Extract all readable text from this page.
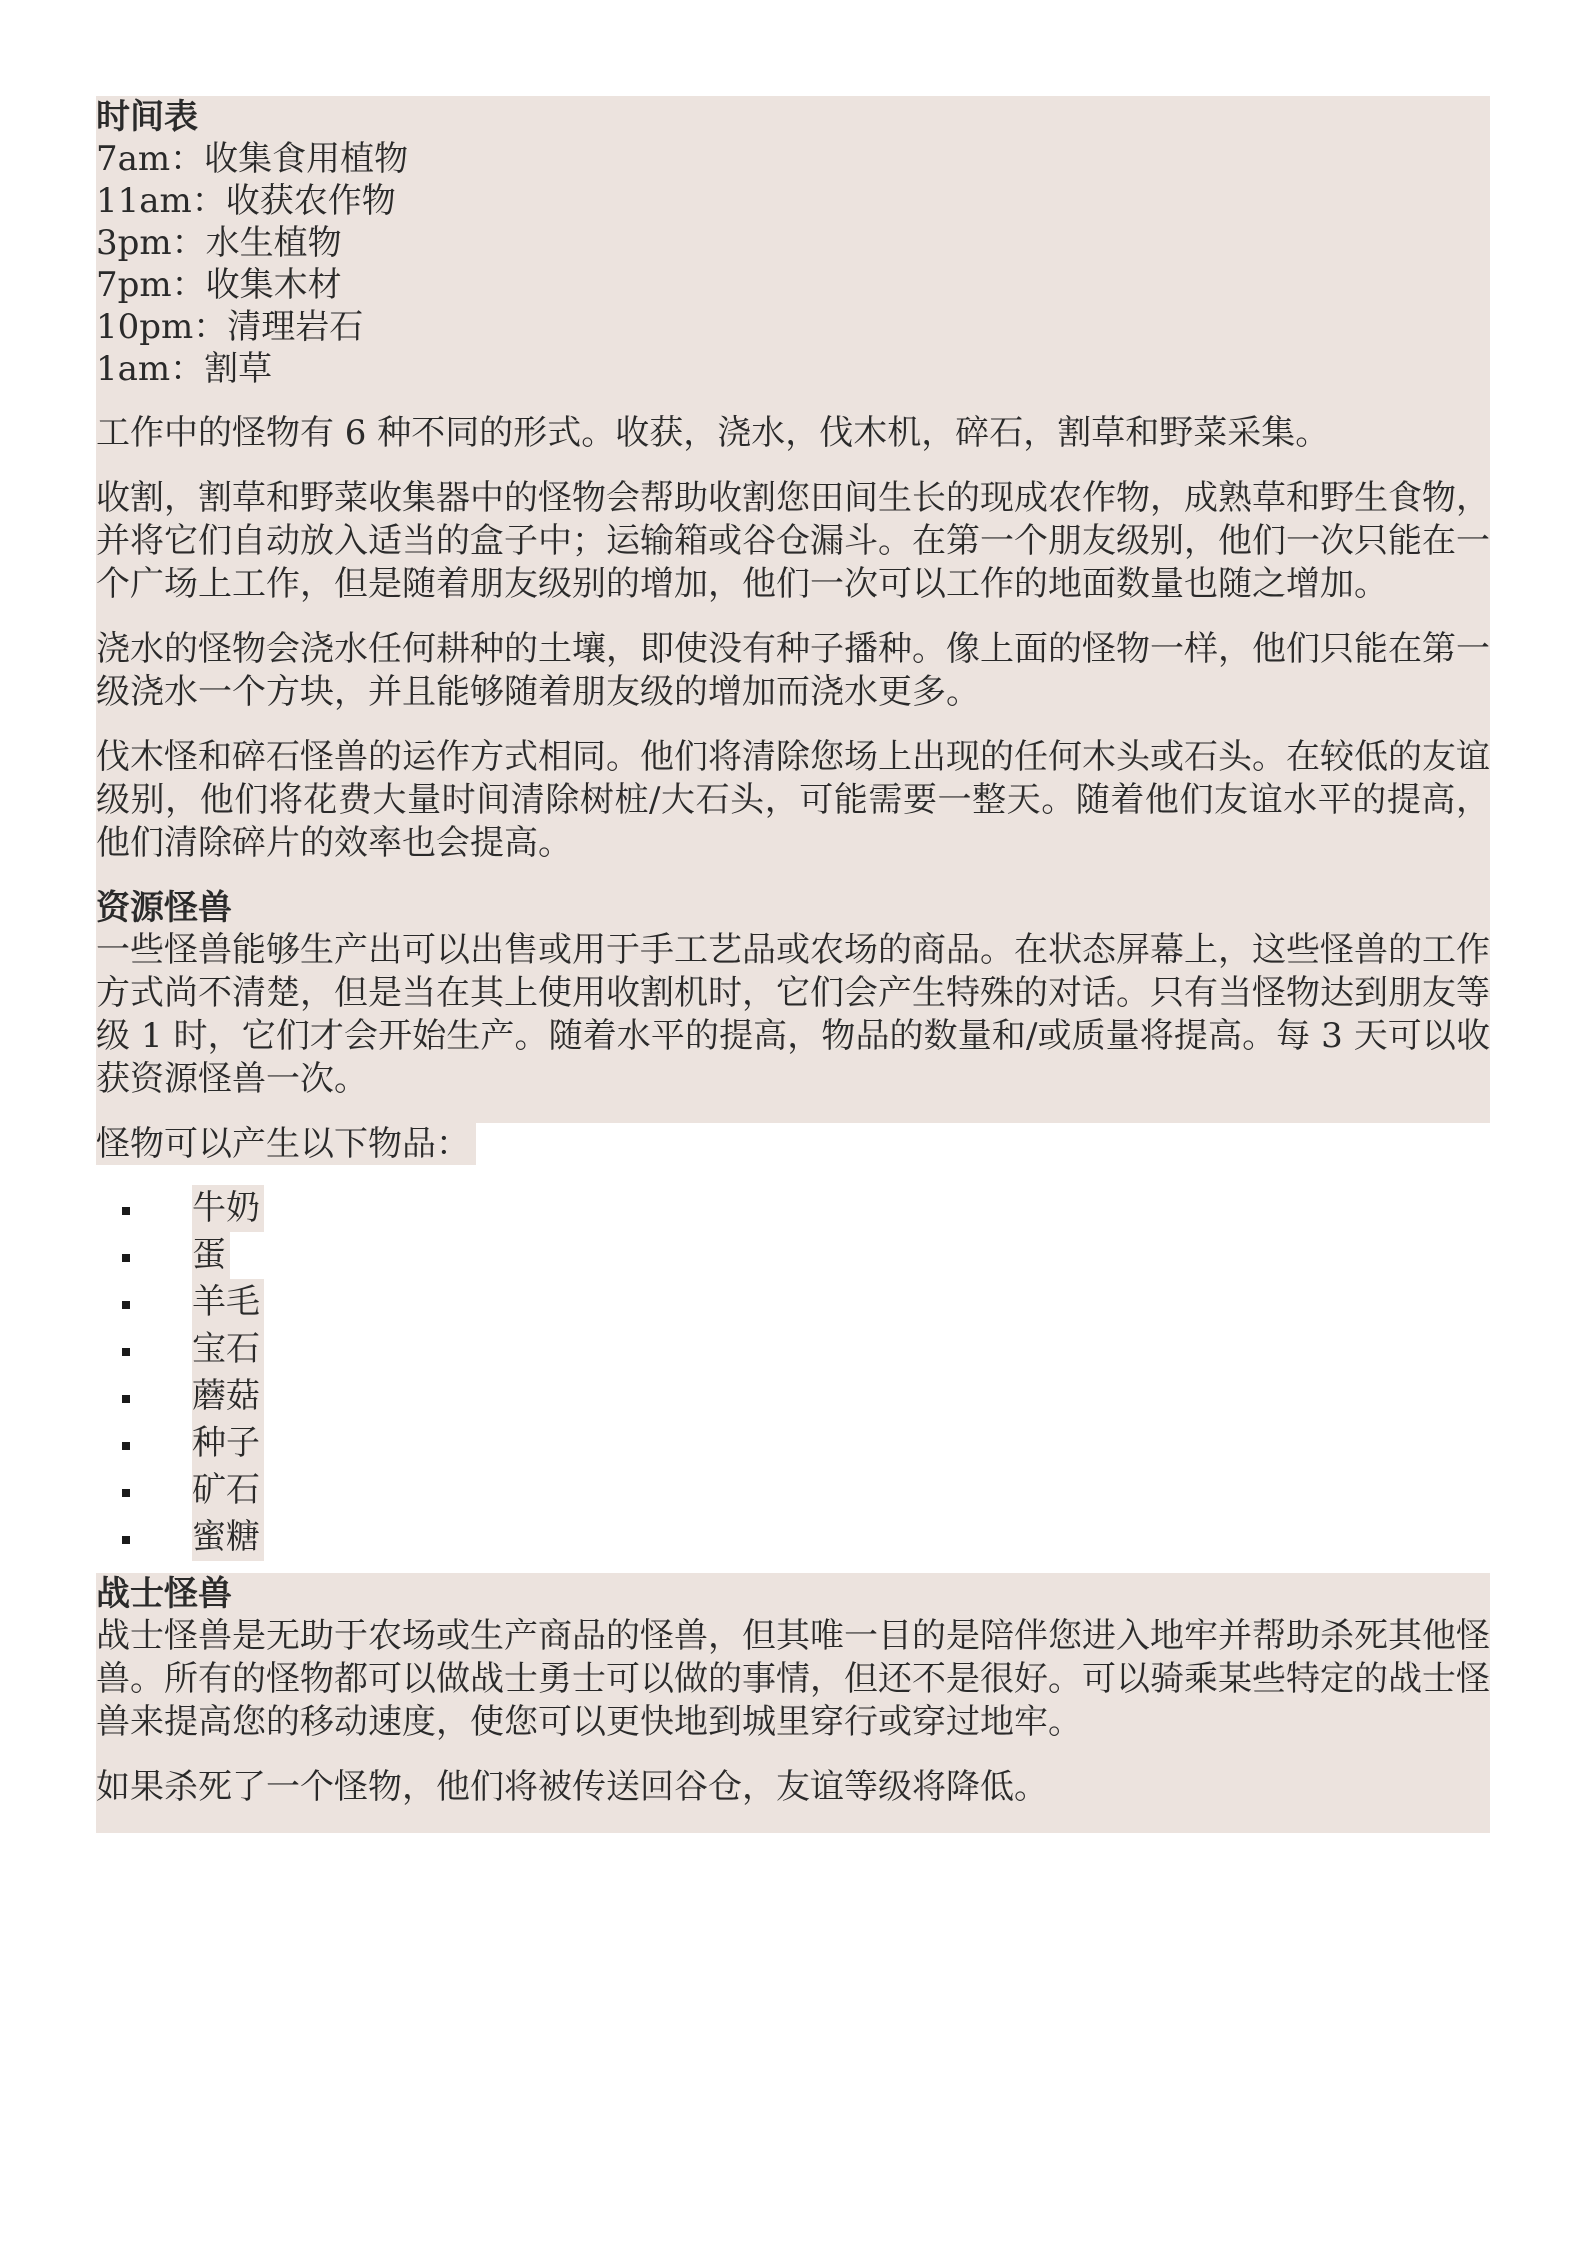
时间表
7am：收集食用植物
11am：收获农作物
3pm：水生植物
7pm：收集木材
10pm：清理岩石
1am：割草

工作中的怪物有 6 种不同的形式。收获，浇水，伐木机，碎石，割草和野菜采集。

收割，割草和野菜收集器中的怪物会帮助收割您田间生长的现成农作物，成熟草和野生食物，并将它们自动放入适当的盒子中；运输箱或谷仓漏斗。在第一个朋友级别，他们一次只能在一个广场上工作，但是随着朋友级别的增加，他们一次可以工作的地面数量也随之增加。

浇水的怪物会浇水任何耕种的土壤，即使没有种子播种。像上面的怪物一样，他们只能在第一级浇水一个方块，并且能够随着朋友级的增加而浇水更多。

伐木怪和碎石怪兽的运作方式相同。他们将清除您场上出现的任何木头或石头。在较低的友谊级别，他们将花费大量时间清除树桩/大石头，可能需要一整天。随着他们友谊水平的提高，他们清除碎片的效率也会提高。

资源怪兽

一些怪兽能够生产出可以出售或用于手工艺品或农场的商品。在状态屏幕上，这些怪兽的工作方式尚不清楚，但是当在其上使用收割机时，它们会产生特殊的对话。只有当怪物达到朋友等级 1 时，它们才会开始生产。随着水平的提高，物品的数量和/或质量将提高。每 3 天可以收获资源怪兽一次。

怪物可以产生以下物品：
牛奶
蛋
羊毛
宝石
蘑菇
种子
矿石
蜜糖
战士怪兽

战士怪兽是无助于农场或生产商品的怪兽，但其唯一目的是陪伴您进入地牢并帮助杀死其他怪兽。所有的怪物都可以做战士勇士可以做的事情，但还不是很好。可以骑乘某些特定的战士怪兽来提高您的移动速度，使您可以更快地到城里穿行或穿过地牢。

如果杀死了一个怪物，他们将被传送回谷仓，友谊等级将降低。
